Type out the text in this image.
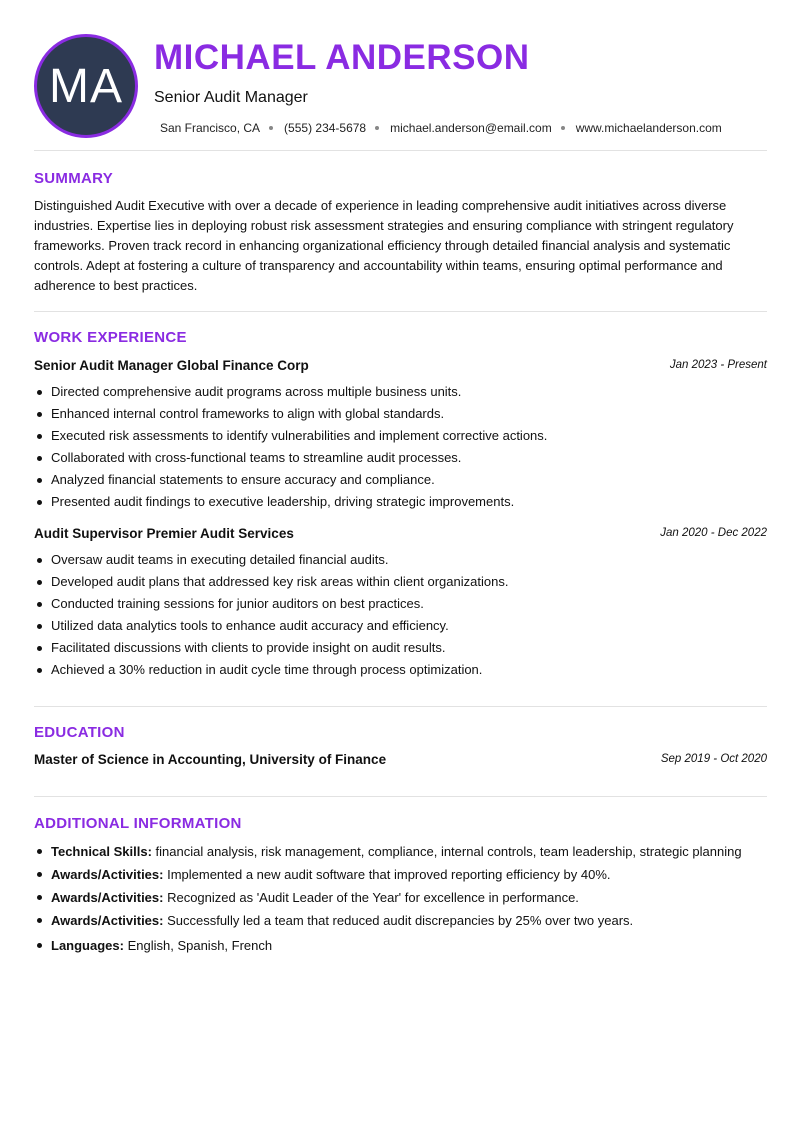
MA
MICHAEL ANDERSON
Senior Audit Manager
San Francisco, CA (555) 234-5678 michael.anderson@email.com www.michaelanderson.com
SUMMARY
Distinguished Audit Executive with over a decade of experience in leading comprehensive audit initiatives across diverse industries. Expertise lies in deploying robust risk assessment strategies and ensuring compliance with stringent regulatory frameworks. Proven track record in enhancing organizational efficiency through detailed financial analysis and systematic controls. Adept at fostering a culture of transparency and accountability within teams, ensuring optimal performance and adherence to best practices.
WORK EXPERIENCE
Senior Audit Manager Global Finance Corp	Jan 2023 - Present
Directed comprehensive audit programs across multiple business units.
Enhanced internal control frameworks to align with global standards.
Executed risk assessments to identify vulnerabilities and implement corrective actions.
Collaborated with cross-functional teams to streamline audit processes.
Analyzed financial statements to ensure accuracy and compliance.
Presented audit findings to executive leadership, driving strategic improvements.
Audit Supervisor Premier Audit Services	Jan 2020 - Dec 2022
Oversaw audit teams in executing detailed financial audits.
Developed audit plans that addressed key risk areas within client organizations.
Conducted training sessions for junior auditors on best practices.
Utilized data analytics tools to enhance audit accuracy and efficiency.
Facilitated discussions with clients to provide insight on audit results.
Achieved a 30% reduction in audit cycle time through process optimization.
EDUCATION
Master of Science in Accounting, University of Finance	Sep 2019 - Oct 2020
ADDITIONAL INFORMATION
Technical Skills: financial analysis, risk management, compliance, internal controls, team leadership, strategic planning
Awards/Activities: Implemented a new audit software that improved reporting efficiency by 40%.
Awards/Activities: Recognized as 'Audit Leader of the Year' for excellence in performance.
Awards/Activities: Successfully led a team that reduced audit discrepancies by 25% over two years.
Languages: English, Spanish, French
